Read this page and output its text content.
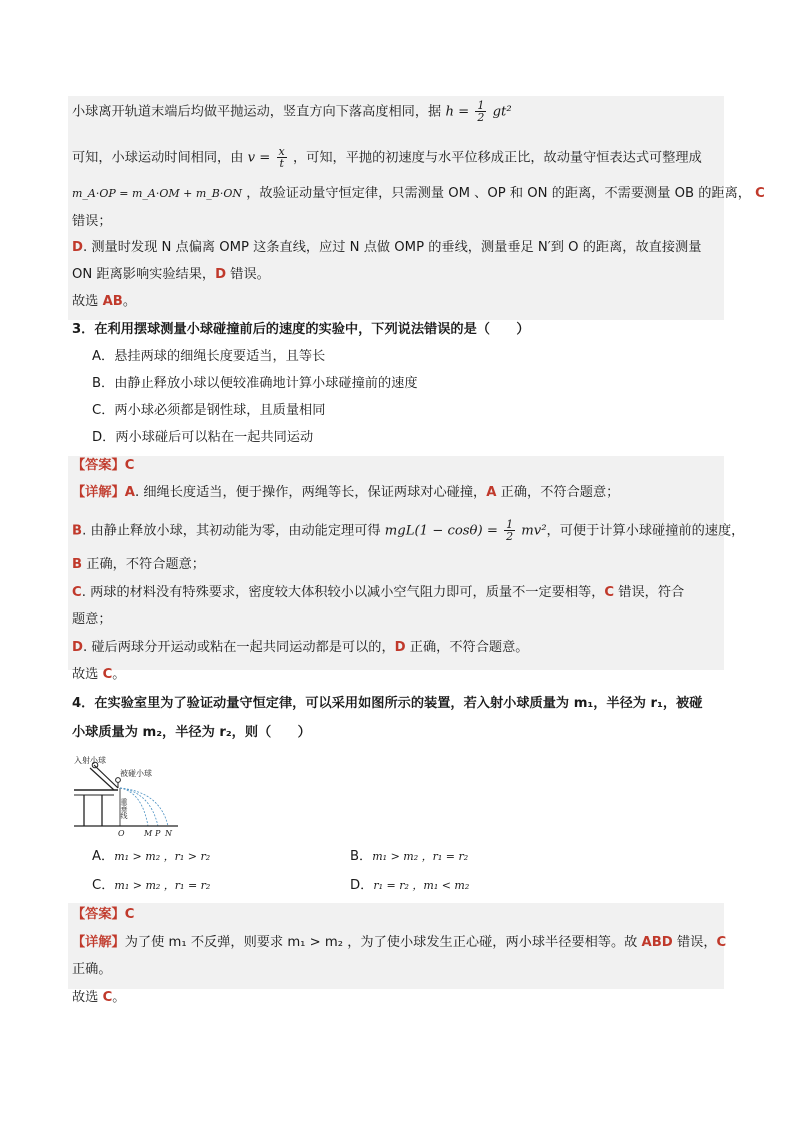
小球离开轨道末端后均做平抛运动，竖直方向下落高度相同，据 $h = \frac{1}{2} gt^2$
可知，小球运动时间相同，由 $v = \frac{x}{t}$ ，可知，平抛的初速度与水平位移成正比，故动量守恒表达式可整理成
m_A·OP = m_A·OM + m_B·ON ，故验证动量守恒定律，只需测量 OM 、OP 和 ON 的距离，不需要测量 OB 的距离， C
错误；
D. 测量时发现 N 点偏离 OMP 这条直线，应过 N 点做 OMP 的垂线，测量垂足 N′到 O 的距离，故直接测量
ON 距离影响实验结果，D 错误。
故选 AB。
3．在利用摆球测量小球碰撞前后的速度的实验中，下列说法错误的是（　　）
A．悬挂两球的细绳长度要适当，且等长
B．由静止释放小球以便较准确地计算小球碰撞前的速度
C．两小球必须都是钢性球，且质量相同
D．两小球碰后可以粘在一起共同运动
【答案】C
【详解】A. 细绳长度适当，便于操作，两绳等长，保证两球对心碰撞，A 正确，不符合题意；
B. 由静止释放小球，其初动能为零，由动能定理可得 $mgL(1 - \cos\theta) = \frac{1}{2} mv^2$，可便于计算小球碰撞前的速度，
B 正确，不符合题意；
C. 两球的材料没有特殊要求，密度较大体积较小以减小空气阻力即可，质量不一定要相等，C 错误，符合
题意；
D. 碰后两球分开运动或粘在一起共同运动都是可以的，D 正确，不符合题意。
故选 C。
4．在实验室里为了验证动量守恒定律，可以采用如图所示的装置，若入射小球质量为 m₁，半径为 r₁，被碰
小球质量为 m₂，半径为 r₂，则（　　）
入射小球
被碰小球
重垂线
O M P N
A．m₁ > m₂ ，r₁ > r₂	B．m₁ > m₂ ，r₁ = r₂
C．m₁ > m₂ ，r₁ = r₂	D．r₁ = r₂ ，m₁ < m₂
【答案】C
【详解】为了使 m₁ 不反弹，则要求 m₁ > m₂ ，为了使小球发生正心碰，两小球半径要相等。故 ABD 错误，C
正确。
故选 C。
